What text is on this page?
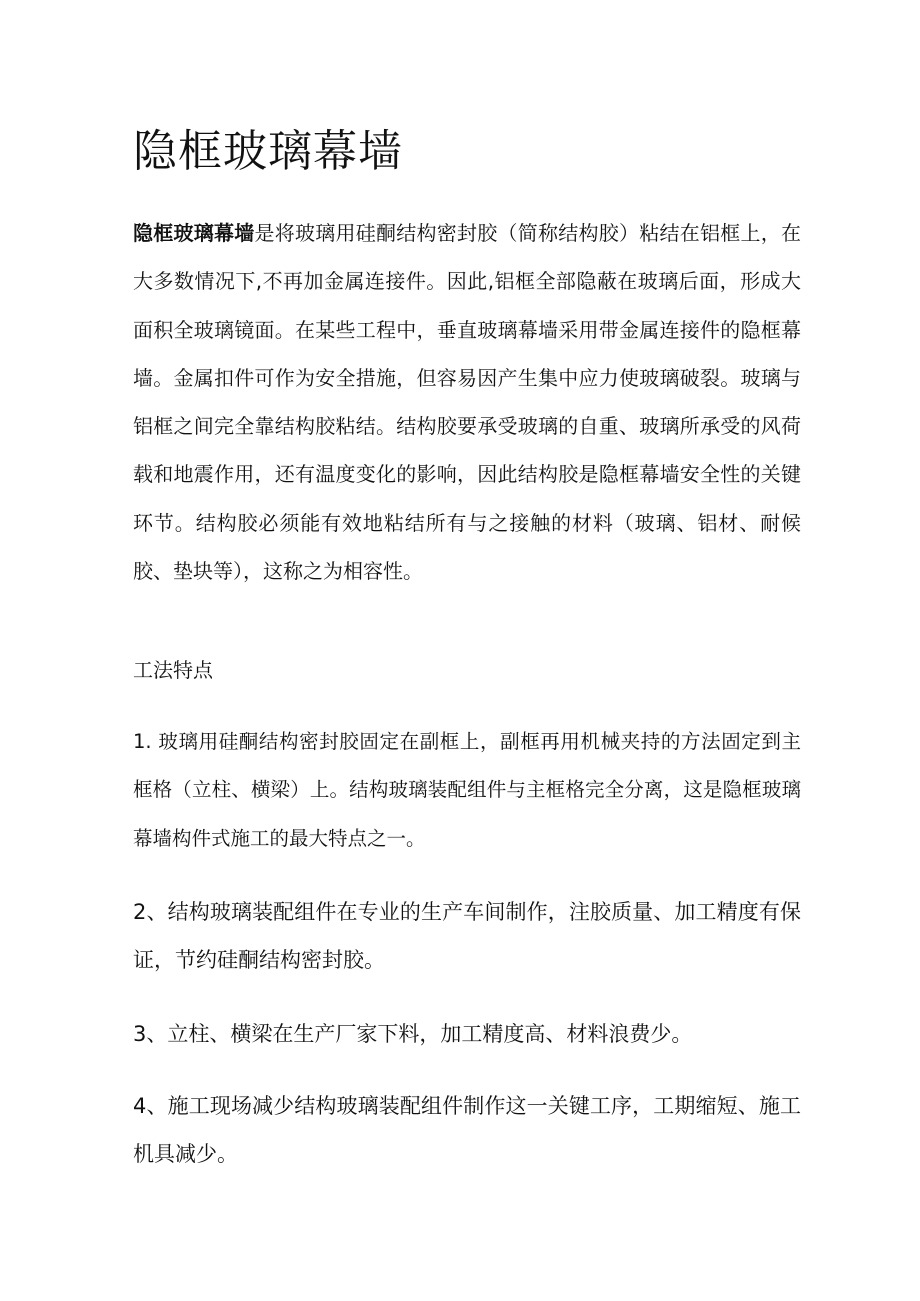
隐框玻璃幕墙

隐框玻璃幕墙是将玻璃用硅酮结构密封胶（简称结构胶）粘结在铝框上，在大多数情况下,不再加金属连接件。因此,铝框全部隐蔽在玻璃后面，形成大面积全玻璃镜面。在某些工程中，垂直玻璃幕墙采用带金属连接件的隐框幕墙。金属扣件可作为安全措施，但容易因产生集中应力使玻璃破裂。玻璃与铝框之间完全靠结构胶粘结。结构胶要承受玻璃的自重、玻璃所承受的风荷载和地震作用，还有温度变化的影响，因此结构胶是隐框幕墙安全性的关键环节。结构胶必须能有效地粘结所有与之接触的材料（玻璃、铝材、耐候胶、垫块等），这称之为相容性。

工法特点

1. 玻璃用硅酮结构密封胶固定在副框上，副框再用机械夹持的方法固定到主框格（立柱、横梁）上。结构玻璃装配组件与主框格完全分离，这是隐框玻璃幕墙构件式施工的最大特点之一。

2、结构玻璃装配组件在专业的生产车间制作，注胶质量、加工精度有保证，节约硅酮结构密封胶。

3、立柱、横梁在生产厂家下料，加工精度高、材料浪费少。

4、施工现场减少结构玻璃装配组件制作这一关键工序，工期缩短、施工机具减少。
